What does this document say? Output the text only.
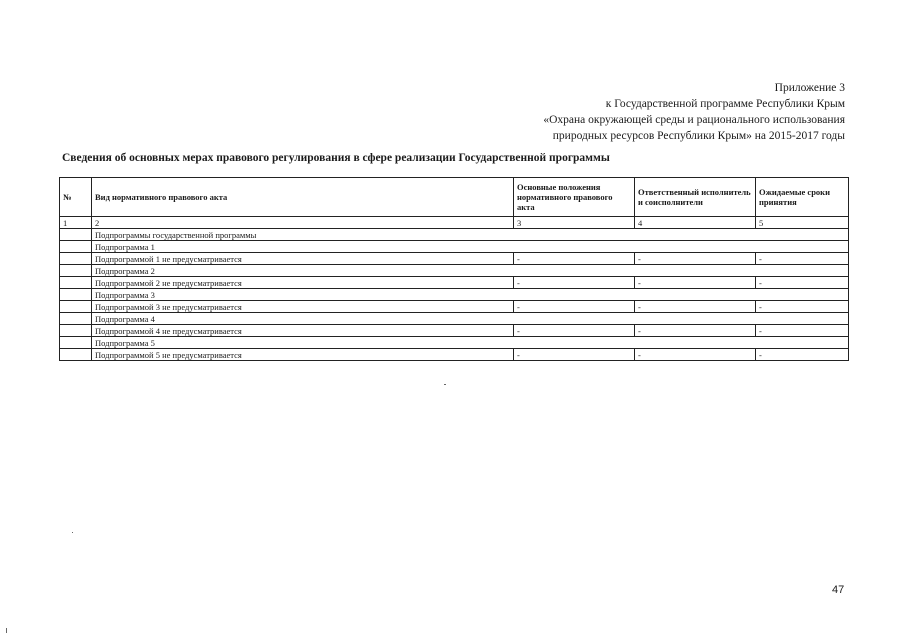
Приложение 3
к Государственной программе Республики Крым
«Охрана окружающей среды и рационального использования
природных ресурсов Республики Крым» на 2015-2017 годы
Сведения об основных мерах правового регулирования в сфере реализации Государственной программы
№	Вид нормативного правового акта	Основные положения нормативного правового акта	Ответственный исполнитель и соисполнители	Ожидаемые сроки принятия
1	2	3	4	5
	Подпрограммы государственной программы			
	Подпрограмма 1			
	Подпрограммой 1 не предусматривается	-	-	-
	Подпрограмма 2			
	Подпрограммой 2 не предусматривается	-	-	-
	Подпрограмма 3			
	Подпрограммой 3 не предусматривается	-	-	-
	Подпрограмма 4			
	Подпрограммой 4 не предусматривается	-	-	-
	Подпрограмма 5			
	Подпрограммой 5 не предусматривается	-	-	-
47
